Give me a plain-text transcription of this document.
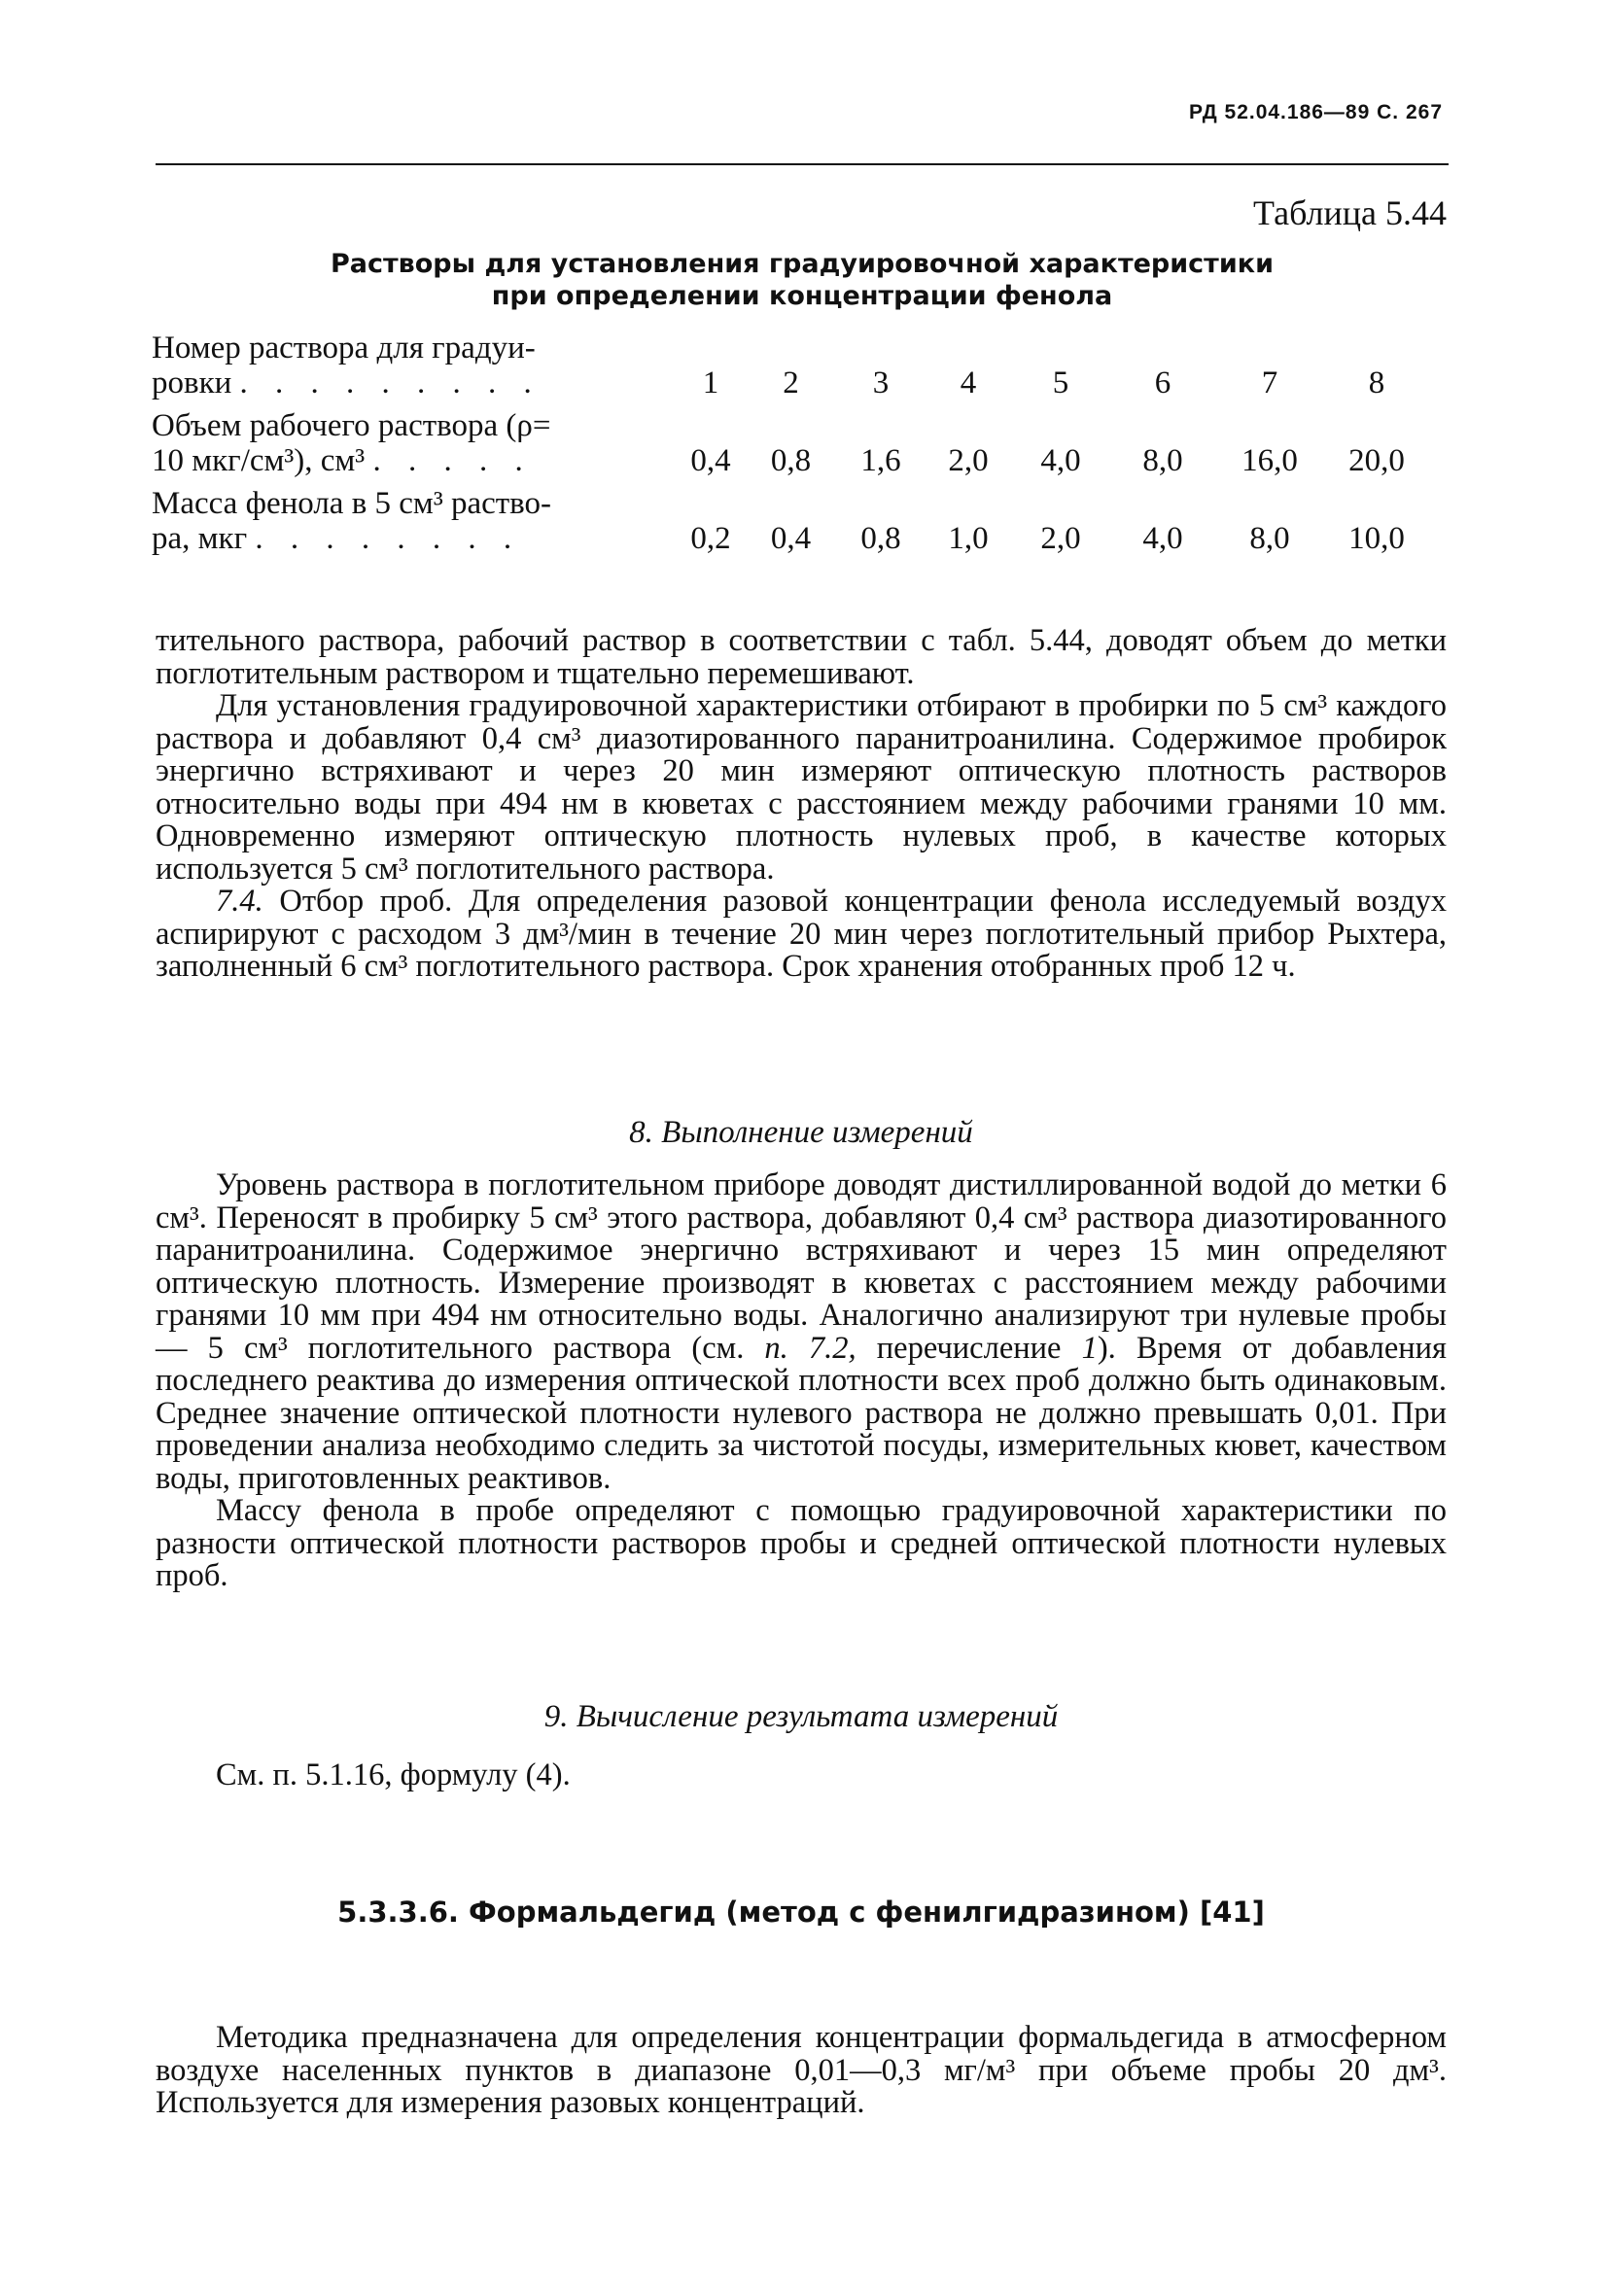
РД 52.04.186—89 С. 267
Таблица 5.44
Растворы для установления градуировочной характеристики
при определении концентрации фенола
Номер раствора для градуи-								
ровки . . . . . . . . .	1	2	3	4	5	6	7	8
Объем рабочего раствора (ρ=								
10 мкг/см³), см³ . . . . .	0,4	0,8	1,6	2,0	4,0	8,0	16,0	20,0
Масса фенола в 5 см³ раство-								
ра, мкг . . . . . . . .	0,2	0,4	0,8	1,0	2,0	4,0	8,0	10,0

тительного раствора, рабочий раствор в соответствии с табл. 5.44, доводят объем до метки поглотительным раствором и тщательно перемешивают.

Для установления градуировочной характеристики отбирают в пробирки по 5 см³ каждого раствора и добавляют 0,4 см³ диазотированного паранитроанилина. Содержимое пробирок энергично встряхивают и через 20 мин измеряют оптическую плотность растворов относительно воды при 494 нм в кюветах с расстоянием между рабочими гранями 10 мм. Одновременно измеряют оптическую плотность нулевых проб, в качестве которых используется 5 см³ поглотительного раствора.

7.4. Отбор проб. Для определения разовой концентрации фенола исследуемый воздух аспирируют с расходом 3 дм³/мин в течение 20 мин через поглотительный прибор Рыхтера, заполненный 6 см³ поглотительного раствора. Срок хранения отобранных проб 12 ч.

8. Выполнение измерений

Уровень раствора в поглотительном приборе доводят дистиллированной водой до метки 6 см³. Переносят в пробирку 5 см³ этого раствора, добавляют 0,4 см³ раствора диазотированного паранитроанилина. Содержимое энергично встряхивают и через 15 мин определяют оптическую плотность. Измерение производят в кюветах с расстоянием между рабочими гранями 10 мм при 494 нм относительно воды. Аналогично анализируют три нулевые пробы — 5 см³ поглотительного раствора (см. п. 7.2, перечисление 1). Время от добавления последнего реактива до измерения оптической плотности всех проб должно быть одинаковым. Среднее значение оптической плотности нулевого раствора не должно превышать 0,01. При проведении анализа необходимо следить за чистотой посуды, измерительных кювет, качеством воды, приготовленных реактивов.

Массу фенола в пробе определяют с помощью градуировочной характеристики по разности оптической плотности растворов пробы и средней оптической плотности нулевых проб.

9. Вычисление результата измерений

См. п. 5.1.16, формулу (4).

5.3.3.6. Формальдегид (метод с фенилгидразином) [41]

Методика предназначена для определения концентрации формальдегида в атмосферном воздухе населенных пунктов в диапазоне 0,01—0,3 мг/м³ при объеме пробы 20 дм³. Используется для измерения разовых концентраций.
